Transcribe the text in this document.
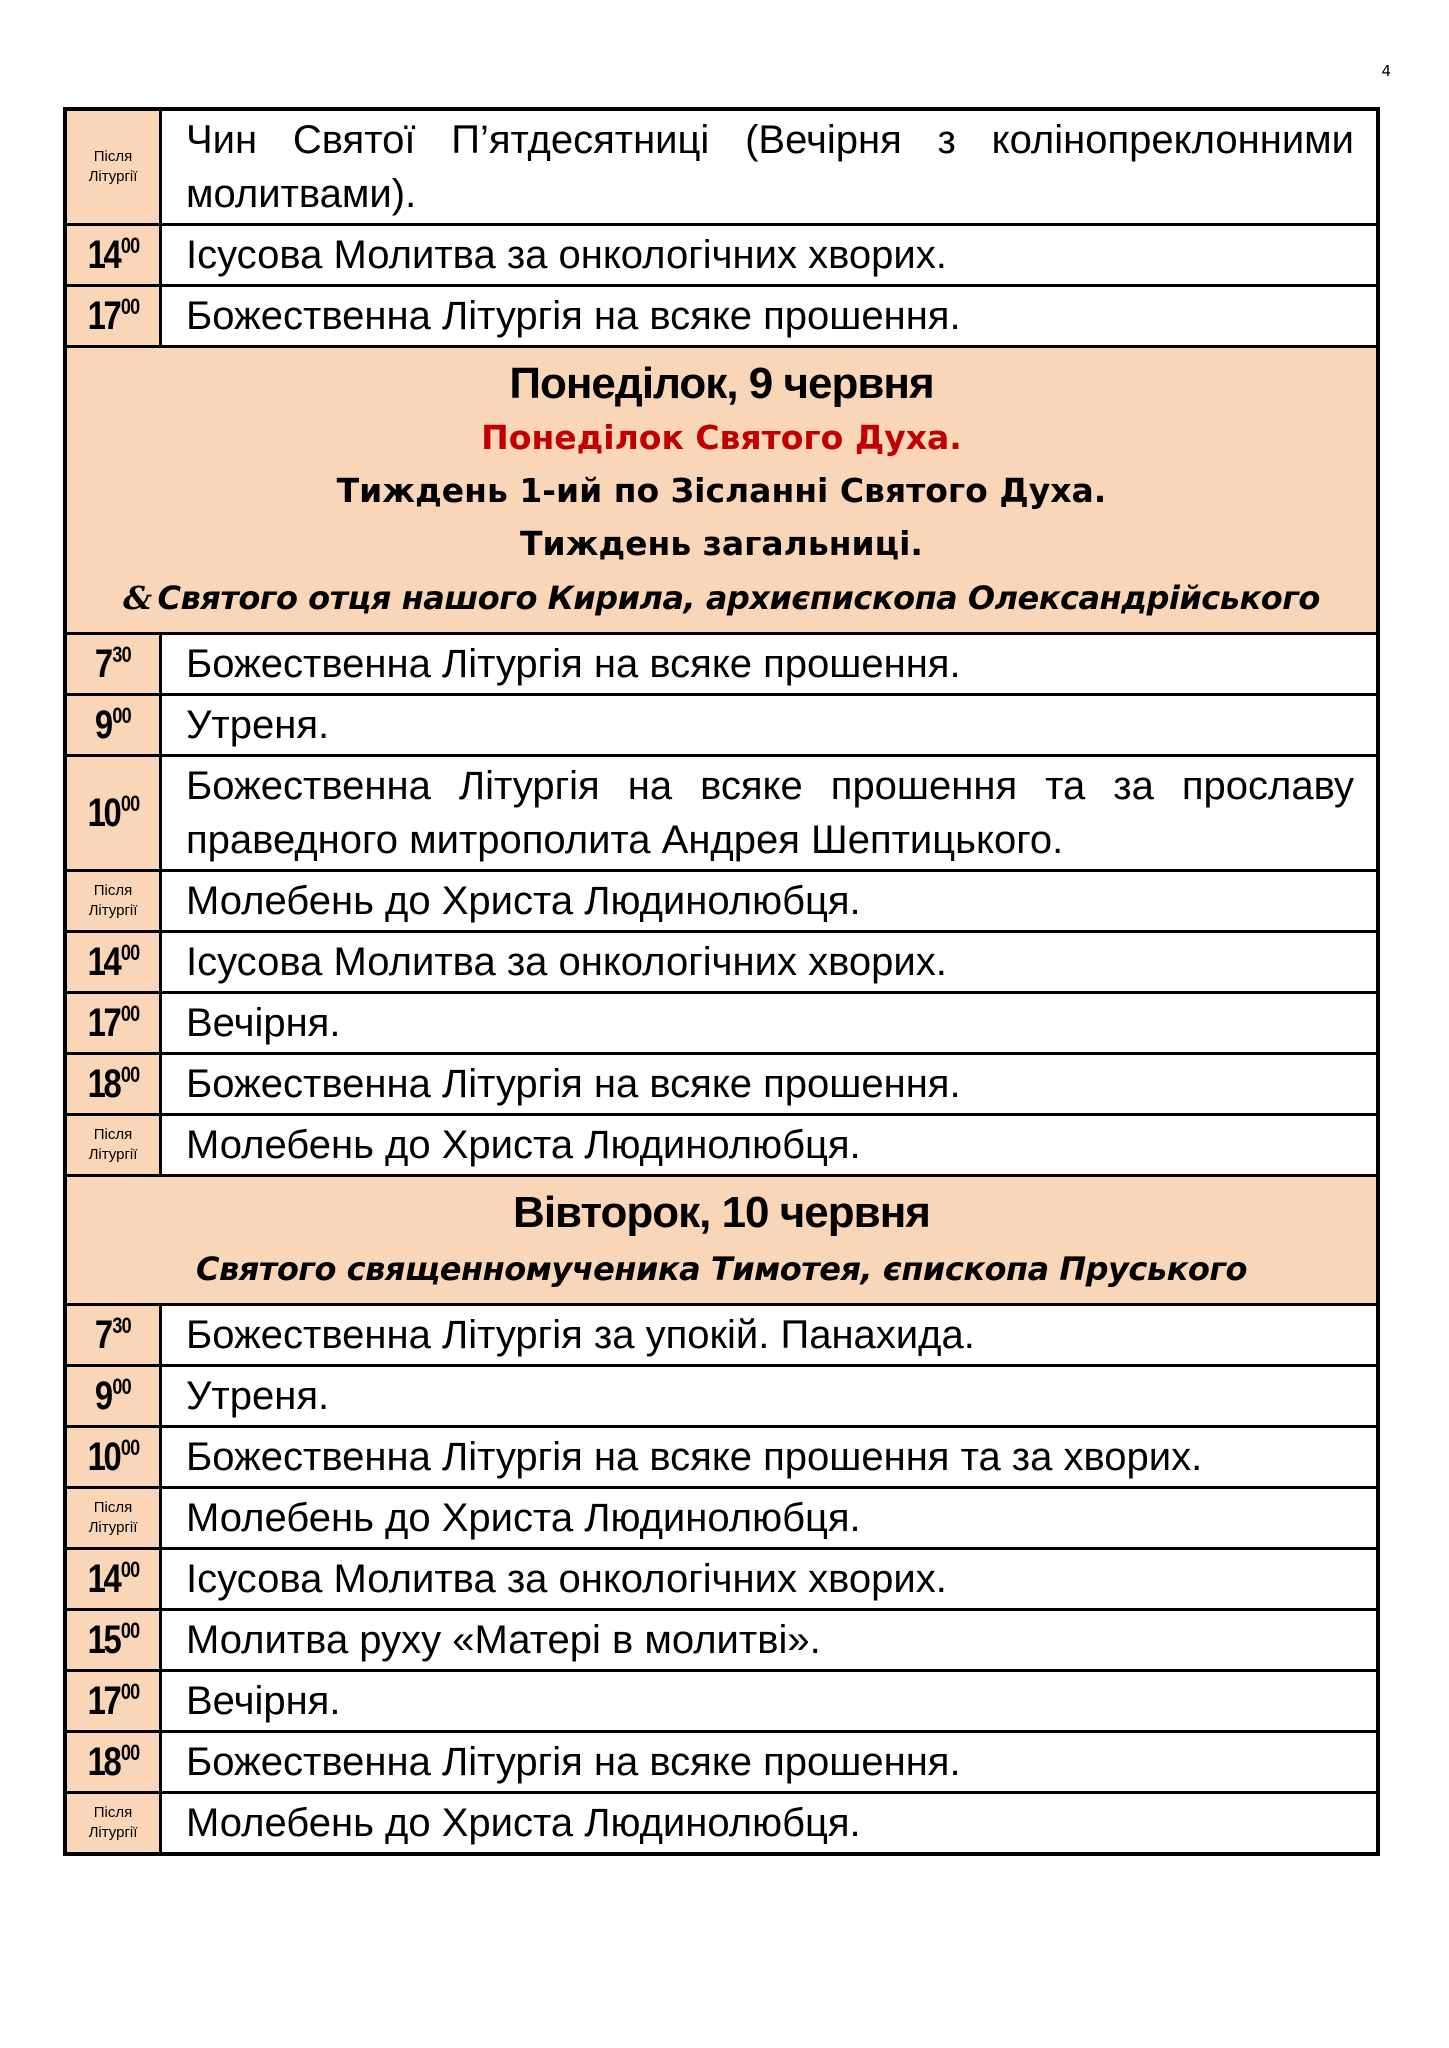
4
Після
Літургії	Чин Святої П’ятдесятниці (Вечірня з колінопреклонними молитвами).
$14^{00}$	Ісусова Молитва за онкологічних хворих.
$17^{00}$	Божественна Літургія на всяке прошення.

Понеділок, 9 червня
Понеділок Святого Духа.
Тиждень 1-ий по Зісланні Святого Духа.
Тиждень загальниці.
& Святого отця нашого Кирила, архиєпископа Олександрійського	

$7^{30}$	Божественна Літургія на всяке прошення.
$9^{00}$	Утреня.
$10^{00}$	Божественна Літургія на всяке прошення та за прославу праведного митрополита Андрея Шептицького.

Після
Літургії	Молебень до Христа Людинолюбця.
$14^{00}$	Ісусова Молитва за онкологічних хворих.
$17^{00}$	Вечірня.
$18^{00}$	Божественна Літургія на всяке прошення.

Після
Літургії	Молебень до Христа Людинолюбця.

Вівторок, 10 червня
Святого священномученика Тимотея, єпископа Пруського	

$7^{30}$	Божественна Літургія за упокій. Панахида.
$9^{00}$	Утреня.
$10^{00}$	Божественна Літургія на всяке прошення та за хворих.

Після
Літургії	Молебень до Христа Людинолюбця.
$14^{00}$	Ісусова Молитва за онкологічних хворих.
$15^{00}$	Молитва руху «Матері в молитві».
$17^{00}$	Вечірня.
$18^{00}$	Божественна Літургія на всяке прошення.

Після
Літургії	Молебень до Христа Людинолюбця.
